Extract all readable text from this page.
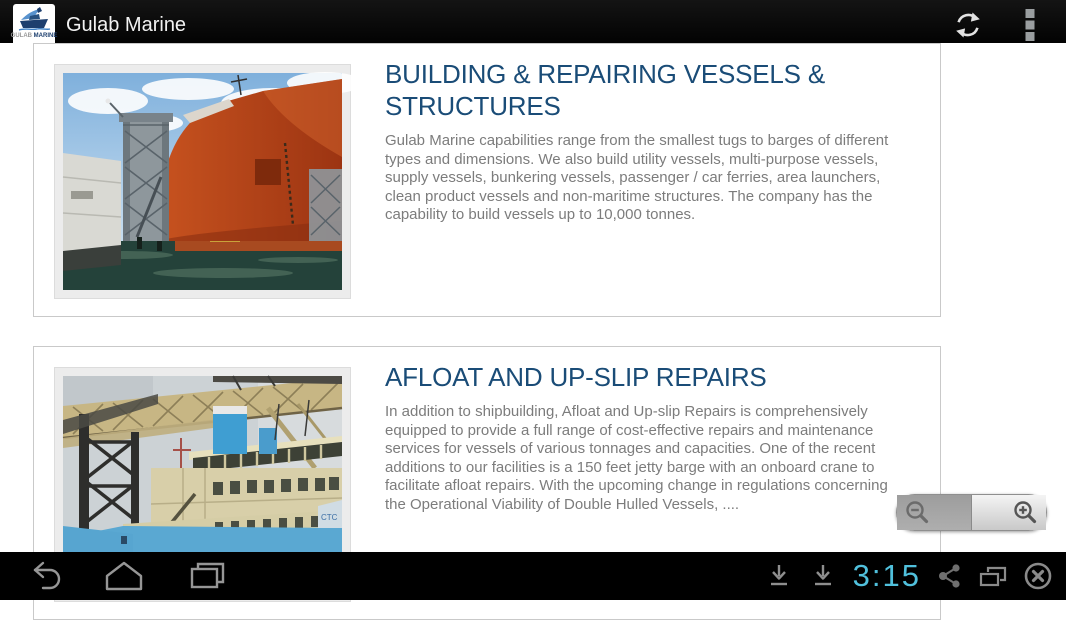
GULAB MARINE
Gulab Marine
BUILDING & REPAIRING VESSELS & STRUCTURES

Gulab Marine capabilities range from the smallest tugs to barges of different types and dimensions. We also build utility vessels, multi-purpose vessels, supply vessels, bunkering vessels, passenger / car ferries, area launchers, clean product vessels and non-maritime structures. The company has the capability to build vessels up to 10,000 tonnes.

CTC
AFLOAT AND UP-SLIP REPAIRS

In addition to shipbuilding, Afloat and Up-slip Repairs is comprehensively equipped to provide a full range of cost-effective repairs and maintenance services for vessels of various tonnages and capacities. One of the recent additions to our facilities is a 150 feet jetty barge with an onboard crane to facilitate afloat repairs. With the upcoming change in regulations concerning the Operational Viability of Double Hulled Vessels, ....

3:15
